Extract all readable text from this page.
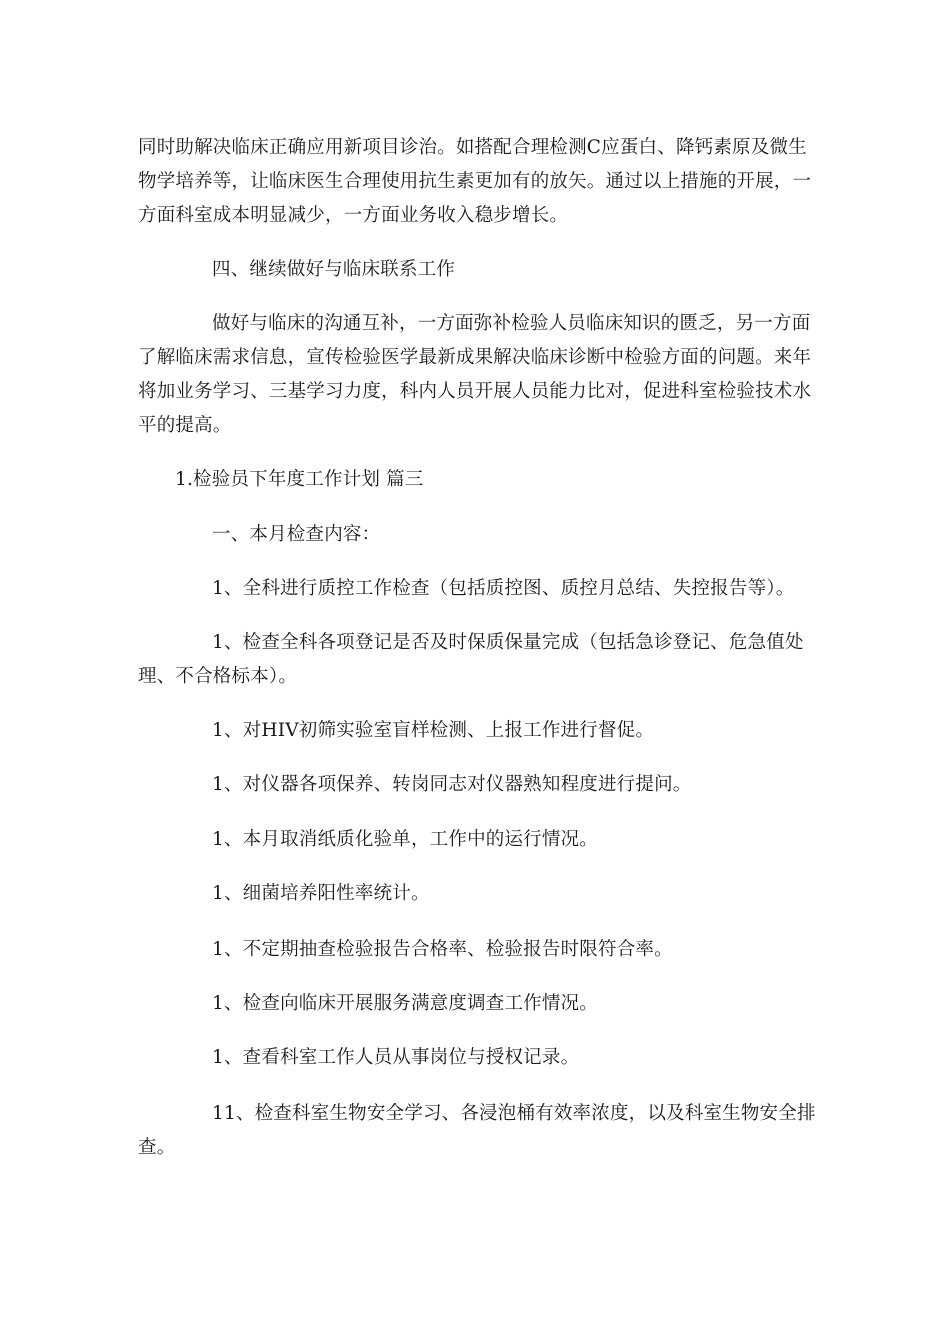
同时助解决临床正确应用新项目诊治。如搭配合理检测C应蛋白、降钙素原及微生物学培养等，让临床医生合理使用抗生素更加有的放矢。通过以上措施的开展，一方面科室成本明显减少，一方面业务收入稳步增长。

四、继续做好与临床联系工作

做好与临床的沟通互补，一方面弥补检验人员临床知识的匮乏，另一方面了解临床需求信息，宣传检验医学最新成果解决临床诊断中检验方面的问题。来年将加业务学习、三基学习力度，科内人员开展人员能力比对，促进科室检验技术水平的提高。

1.检验员下年度工作计划 篇三

一、本月检查内容：

1、全科进行质控工作检查（包括质控图、质控月总结、失控报告等）。

1、检查全科各项登记是否及时保质保量完成（包括急诊登记、危急值处理、不合格标本）。

1、对HIV初筛实验室盲样检测、上报工作进行督促。

1、对仪器各项保养、转岗同志对仪器熟知程度进行提问。

1、本月取消纸质化验单，工作中的运行情况。

1、细菌培养阳性率统计。

1、不定期抽查检验报告合格率、检验报告时限符合率。

1、检查向临床开展服务满意度调查工作情况。

1、查看科室工作人员从事岗位与授权记录。

11、检查科室生物安全学习、各浸泡桶有效率浓度，以及科室生物安全排查。
